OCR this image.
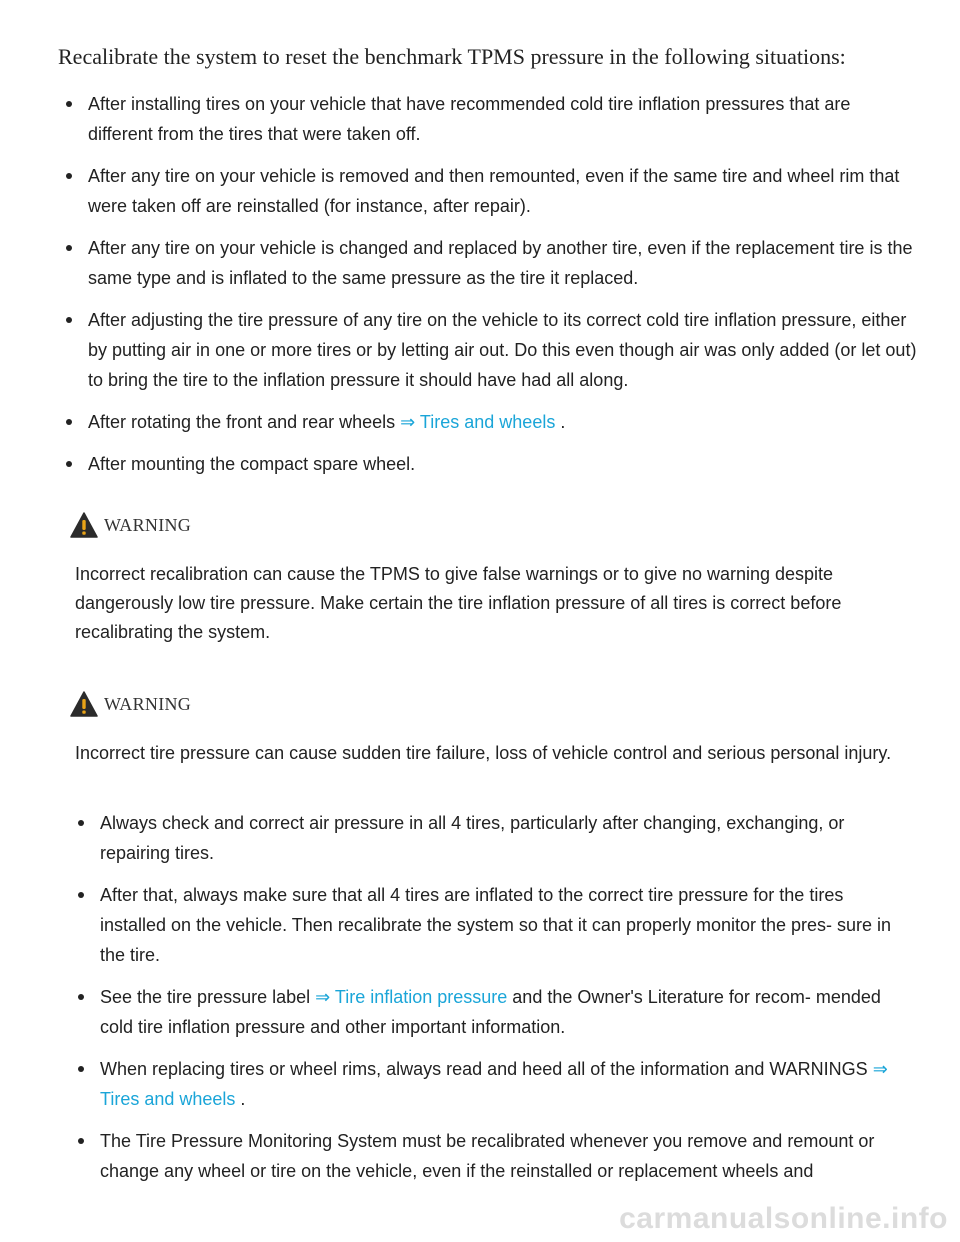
Recalibrate the system to reset the benchmark TPMS pressure in the following situations:

After installing tires on your vehicle that have recommended cold tire inflation pressures that are different from the tires that were taken off.
After any tire on your vehicle is removed and then remounted, even if the same tire and wheel rim that were taken off are reinstalled (for instance, after repair).
After any tire on your vehicle is changed and replaced by another tire, even if the replacement tire is the same type and is inflated to the same pressure as the tire it replaced.
After adjusting the tire pressure of any tire on the vehicle to its correct cold tire inflation pressure, either by putting air in one or more tires or by letting air out. Do this even though air was only added (or let out) to bring the tire to the inflation pressure it should have had all along.
After rotating the front and rear wheels ⇒ Tires and wheels .
After mounting the compact spare wheel.
WARNING

Incorrect recalibration can cause the TPMS to give false warnings or to give no warning despite dangerously low tire pressure. Make certain the tire inflation pressure of all tires is correct before recalibrating the system.

WARNING

Incorrect tire pressure can cause sudden tire failure, loss of vehicle control and serious personal injury.

Always check and correct air pressure in all 4 tires, particularly after changing, exchanging, or repairing tires.
After that, always make sure that all 4 tires are inflated to the correct tire pressure for the tires installed on the vehicle. Then recalibrate the system so that it can properly monitor the pres- sure in the tire.
See the tire pressure label ⇒ Tire inflation pressure and the Owner's Literature for recom- mended cold tire inflation pressure and other important information.
When replacing tires or wheel rims, always read and heed all of the information and WARNINGS ⇒ Tires and wheels .
The Tire Pressure Monitoring System must be recalibrated whenever you remove and remount or change any wheel or tire on the vehicle, even if the reinstalled or replacement wheels and
carmanualsonline.info
